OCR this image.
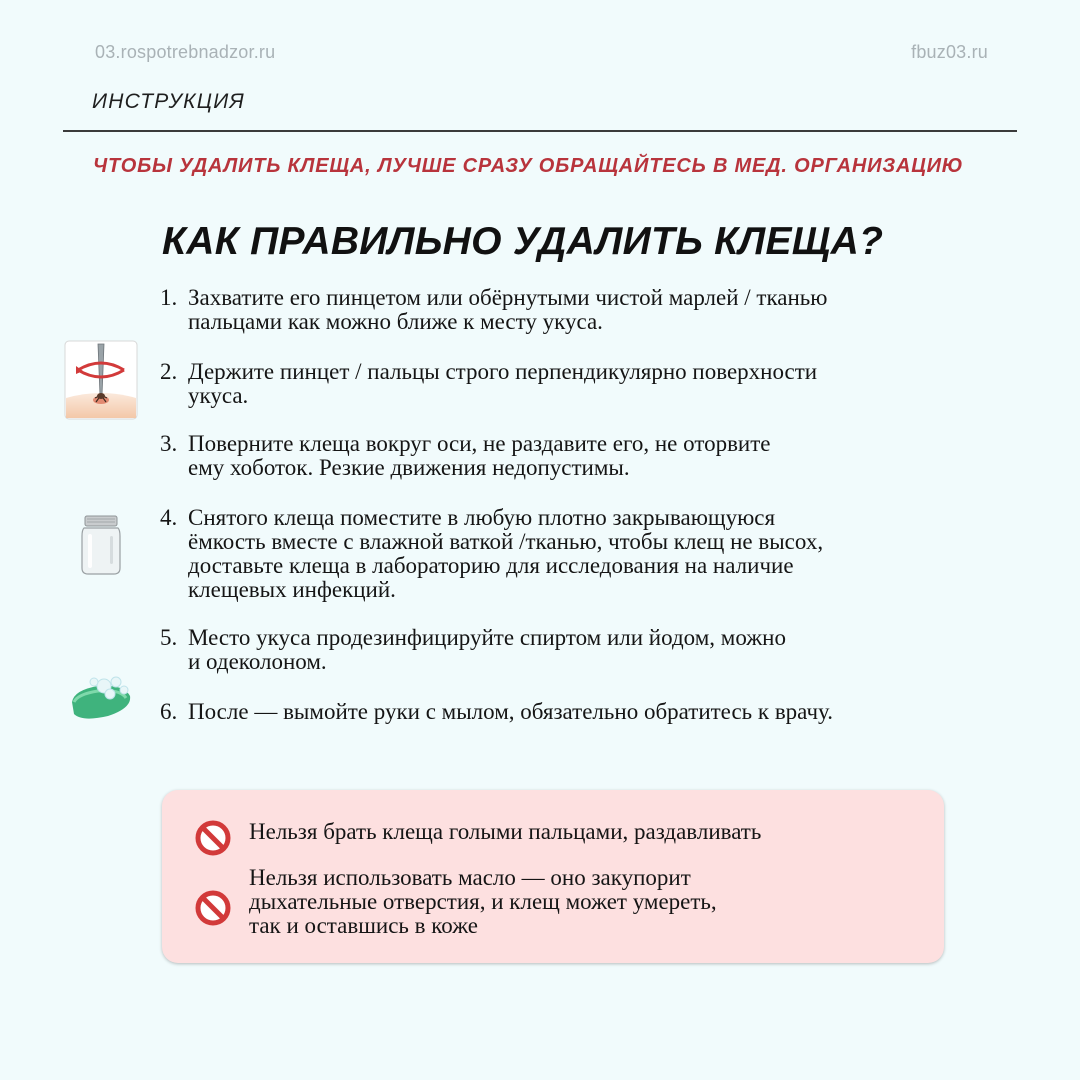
03.rospotrebnadzor.ru	fbuz03.ru
ИНСТРУКЦИЯ
ЧТОБЫ УДАЛИТЬ КЛЕЩА, ЛУЧШЕ СРАЗУ ОБРАЩАЙТЕСЬ В МЕД. ОРГАНИЗАЦИЮ
КАК ПРАВИЛЬНО УДАЛИТЬ КЛЕЩА?
1. Захватите его пинцетом или обёрнутыми чистой марлей / тканью
пальцами как можно ближе к месту укуса.
2. Держите пинцет / пальцы строго перпендикулярно поверхности
укуса.
3. Поверните клеща вокруг оси, не раздавите его, не оторвите
ему хоботок. Резкие движения недопустимы.
4. Снятого клеща поместите в любую плотно закрывающуюся
ёмкость вместе с влажной ваткой /тканью, чтобы клещ не высох,
доставьте клеща в лабораторию для исследования на наличие
клещевых инфекций.
5. Место укуса продезинфицируйте спиртом или йодом, можно
и одеколоном.
6. После — вымойте руки с мылом, обязательно обратитесь к врачу.
Нельзя брать клеща голыми пальцами, раздавливать
Нельзя использовать масло — оно закупорит
дыхательные отверстия, и клещ может умереть,
так и оставшись в коже
